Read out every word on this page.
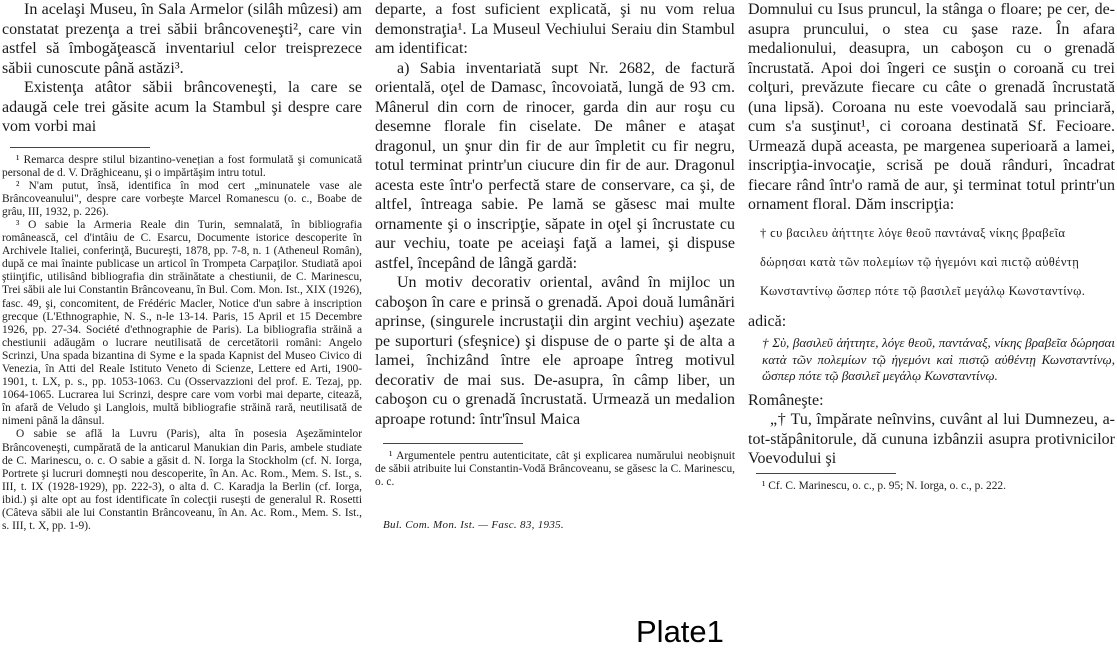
In acelaşi Museu, în Sala Armelor (silâh mûzesi) am constatat prezenţa a trei săbii brâncoveneşti², care vin astfel să îmbogăţească inventariul celor treisprezece săbii cunoscute până astăzi³.

Existenţa atâtor săbii brâncoveneşti, la care se adaugă cele trei găsite acum la Stambul şi despre care vom vorbi mai

¹ Remarca despre stilul bizantino-venețian a fost formulată şi comunicată personal de d. V. Drăghiceanu, şi o impărtăşim intru totul.

² N'am putut, însă, identifica în mod cert „minunatele vase ale Brâncoveanului", despre care vorbeşte Marcel Romanescu (o. c., Boabe de grâu, III, 1932, p. 226).

³ O sabie la Armeria Reale din Turin, semnalată, în bibliografia românească, cel d'intâiu de C. Esarcu, Documente istorice descoperite în Archivele Italiei, conferinţă, Bucureşti, 1878, pp. 7-8, n. 1 (Atheneul Român), după ce mai înainte publicase un articol în Trompeta Carpaţilor. Studiată apoi ştiinţific, utilisând bibliografia din străinătate a chestiunii, de C. Marinescu, Trei săbii ale lui Constantin Brâncoveanu, în Bul. Com. Mon. Ist., XIX (1926), fasc. 49, şi, concomitent, de Frédéric Macler, Notice d'un sabre à inscription grecque (L'Ethnographie, N. S., n-le 13-14. Paris, 15 April et 15 Decembre 1926, pp. 27-34. Société d'ethnographie de Paris). La bibliografia străină a chestiunii adăugăm o lucrare neutilisată de cercetătorii români: Angelo Scrinzi, Una spada bizantina di Syme e la spada Kapnist del Museo Civico di Venezia, în Atti del Reale Istituto Veneto di Scienze, Lettere ed Arti, 1900-1901, t. LX, p. s., pp. 1053-1063. Cu (Osservazzioni del prof. E. Tezaj, pp. 1064-1065. Lucrarea lui Scrinzi, despre care vom vorbi mai departe, citează, în afară de Veludo şi Langlois, multă bibliografie străină rară, neutilisată de nimeni până la dânsul.

O sabie se află la Luvru (Paris), alta în posesia Aşezămintelor Brâncoveneşti, cumpărată de la anticarul Manukian din Paris, ambele studiate de C. Marinescu, o. c. O sabie a găsit d. N. Iorga la Stockholm (cf. N. Iorga, Portrete şi lucruri domneşti nou descoperite, în An. Ac. Rom., Mem. S. Ist., s. III, t. IX (1928-1929), pp. 222-3), o alta d. C. Karadja la Berlin (cf. Iorga, ibid.) şi alte opt au fost identificate în colecţii ruseşti de generalul R. Rosetti (Câteva săbii ale lui Constantin Brâncoveanu, în An. Ac. Rom., Mem. S. Ist., s. III, t. X, pp. 1-9).

departe, a fost suficient explicată, şi nu vom relua demonstraţia¹. La Museul Vechiului Seraiu din Stambul am identificat:

a) Sabia inventariată supt Nr. 2682, de factură orientală, oţel de Damasc, încovoiată, lungă de 93 cm. Mânerul din corn de rinocer, garda din aur roşu cu desemne florale fin ciselate. De mâner e ataşat dragonul, un şnur din fir de aur împletit cu fir negru, totul terminat printr'un ciucure din fir de aur. Dragonul acesta este într'o perfectă stare de conservare, ca şi, de altfel, întreaga sabie. Pe lamă se găsesc mai multe ornamente şi o inscripţie, săpate in oţel şi încrustate cu aur vechiu, toate pe aceiaşi faţă a lamei, şi dispuse astfel, începând de lângă gardă:

Un motiv decorativ oriental, având în mijloc un caboşon în care e prinsă o grenadă. Apoi două lumânări aprinse, (singurele incrustaţii din argint vechiu) aşezate pe suporturi (sfeşnice) şi dispuse de o parte şi de alta a lamei, închizând între ele aproape întreg motivul decorativ de mai sus. De-asupra, în câmp liber, un caboşon cu o grenadă încrustată. Urmează un medalion aproape rotund: într'însul Maica

¹ Argumentele pentru autenticitate, cât şi explicarea numărului neobişnuit de săbii atribuite lui Constantin-Vodă Brâncoveanu, se găsesc la C. Marinescu, o. c.

Bul. Com. Mon. Ist. — Fasc. 83, 1935.

Domnului cu Isus pruncul, la stânga o floare; pe cer, de-asupra pruncului, o stea cu şase raze. În afara medalionului, deasupra, un caboşon cu o grenadă încrustată. Apoi doi îngeri ce susţin o coroană cu trei colţuri, prevăzute fiecare cu câte o grenadă încrustată (una lipsă). Coroana nu este voevodală sau princiară, cum s'a susţinut¹, ci coroana destinată Sf. Fecioare. Urmează după aceasta, pe margenea superioară a lamei, inscripţia-invocaţie, scrisă pe două rânduri, încadrat fiecare rând într'o ramă de aur, şi terminat totul printr'un ornament floral. Dăm inscripţia:

† ϲυ βαϲιλευ ἀήττητε λόγε θεοῦ παντάναξ νίκης βραβεῖα δώρησαι κατὰ τῶν πολεμίων τῷ ἡγεμόνι καὶ πιϲτῷ αὐθέντῃ Κωνσταντίνῳ ὥσπερ πότε τῷ βασιλεῖ μεγάλῳ Κωνσταντίνῳ.

adică:

† Σὺ, βασιλεῦ ἀήττητε, λόγε θεοῦ, παντάναξ, νίκης βραβεῖα δώρησαι κατὰ τῶν πολεμίων τῷ ἡγεμόνι καὶ πιστῷ αὐθέντῃ Κωνσταντίνῳ, ὥσπερ πότε τῷ βασιλεῖ μεγάλῳ Κωνσταντίνῳ.

Româneşte:

„† Tu, împărate neînvins, cuvânt al lui Dumnezeu, a-tot-stăpânitorule, dă cununa izbânzii asupra protivnicilor Voevodului şi

¹ Cf. C. Marinescu, o. c., p. 95; N. Iorga, o. c., p. 222.

Plate1
